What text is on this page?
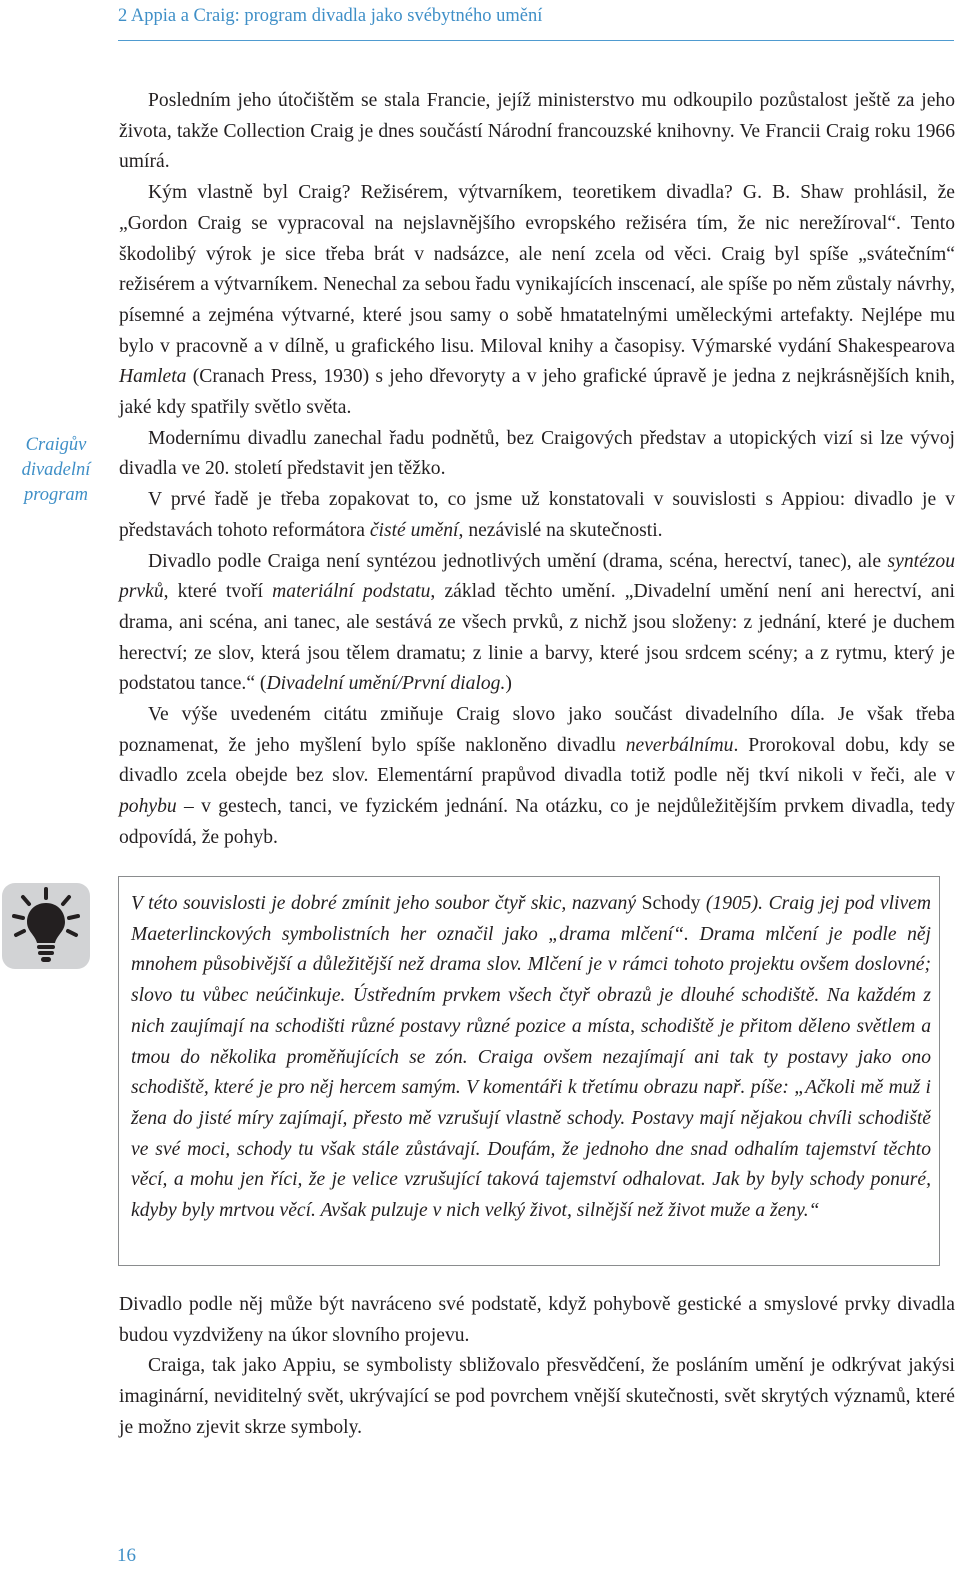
2 Appia a Craig: program divadla jako svébytného umění
Craigův
divadelní
program

Posledním jeho útočištěm se stala Francie, jejíž ministerstvo mu odkoupilo pozůstalost ještě za jeho života, takže Collection Craig je dnes součástí Národní francouzské knihovny. Ve Francii Craig roku 1966 umírá.

Kým vlastně byl Craig? Režisérem, výtvarníkem, teoretikem divadla? G. B. Shaw prohlásil, že „Gordon Craig se vypracoval na nejslavnějšího evropského režiséra tím, že nic nerežíroval“. Tento škodolibý výrok je sice třeba brát v nadsázce, ale není zcela od věci. Craig byl spíše „svátečním“ režisérem a výtvarníkem. Nenechal za sebou řadu vynikajících inscenací, ale spíše po něm zůstaly návrhy, písemné a zejména výtvarné, které jsou samy o sobě hmatatelnými uměleckými artefakty. Nejlépe mu bylo v pracovně a v dílně, u grafického lisu. Miloval knihy a časopisy. Výmarské vydání Shakespearova Hamleta (Cranach Press, 1930) s jeho dřevoryty a v jeho grafické úpravě je jedna z nejkrásnějších knih, jaké kdy spatřily světlo světa.

Modernímu divadlu zanechal řadu podnětů, bez Craigových představ a utopických vizí si lze vývoj divadla ve 20. století představit jen těžko.

V prvé řadě je třeba zopakovat to, co jsme už konstatovali v souvislosti s Appiou: divadlo je v představách tohoto reformátora čisté umění, nezávislé na skutečnosti.

Divadlo podle Craiga není syntézou jednotlivých umění (drama, scéna, herectví, tanec), ale syntézou prvků, které tvoří materiální podstatu, základ těchto umění. „Divadelní umění není ani herectví, ani drama, ani scéna, ani tanec, ale sestává ze všech prvků, z nichž jsou složeny: z jednání, které je duchem herectví; ze slov, která jsou tělem dramatu; z linie a barvy, které jsou srdcem scény; a z rytmu, který je podstatou tance.“ (Divadelní umění/První dialog.)

Ve výše uvedeném citátu zmiňuje Craig slovo jako součást divadelního díla. Je však třeba poznamenat, že jeho myšlení bylo spíše nakloněno divadlu neverbálnímu. Prorokoval dobu, kdy se divadlo zcela obejde bez slov. Elementární prapůvod divadla totiž podle něj tkví nikoli v řeči, ale v pohybu – v gestech, tanci, ve fyzickém jednání. Na otázku, co je nejdůležitějším prvkem divadla, tedy odpovídá, že pohyb.

V této souvislosti je dobré zmínit jeho soubor čtyř skic, nazvaný Schody (1905). Craig jej pod vlivem Maeterlinckových symbolistních her označil jako „drama mlčení“. Drama mlčení je podle něj mnohem působivější a důležitější než drama slov. Mlčení je v rámci tohoto projektu ovšem doslovné; slovo tu vůbec neúčinkuje. Ústředním prvkem všech čtyř obrazů je dlouhé schodiště. Na každém z nich zaujímají na schodišti různé postavy různé pozice a místa, schodiště je přitom děleno světlem a tmou do několika proměňujících se zón. Craiga ovšem nezajímají ani tak ty postavy jako ono schodiště, které je pro něj hercem samým. V komentáři k třetímu obrazu např. píše: „Ačkoli mě muž i žena do jisté míry zajímají, přesto mě vzrušují vlastně schody. Postavy mají nějakou chvíli schodiště ve své moci, schody tu však stále zůstávají. Doufám, že jednoho dne snad odhalím tajemství těchto věcí, a mohu jen říci, že je velice vzrušující taková tajemství odhalovat. Jak by byly schody ponuré, kdyby byly mrtvou věcí. Avšak pulzuje v nich velký život, silnější než život muže a ženy.“

Divadlo podle něj může být navráceno své podstatě, když pohybově gestické a smyslové prvky divadla budou vyzdviženy na úkor slovního projevu.

Craiga, tak jako Appiu, se symbolisty sbližovalo přesvědčení, že posláním umění je odkrývat jakýsi imaginární, neviditelný svět, ukrývající se pod povrchem vnější skutečnosti, svět skrytých významů, které je možno zjevit skrze symboly.

16
